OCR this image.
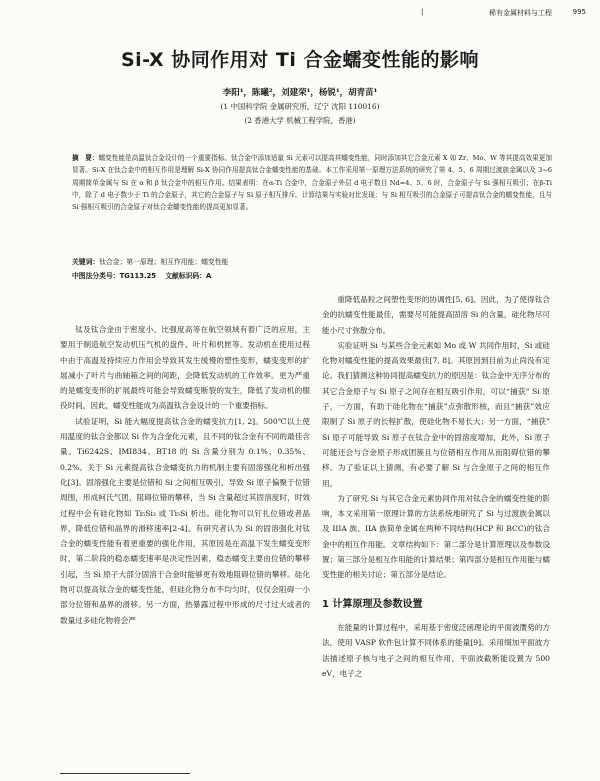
|	稀有金属材料与工程	995
Si-X 协同作用对 Ti 合金蠕变性能的影响
李阳¹，陈曦²，刘建荣¹，杨锐¹，胡青苗¹
(1 中国科学院 金属研究所，辽宁 沈阳 110016)
(2 香港大学 机械工程学院，香港)
摘　要：蠕变性能是高温钛合金设计的一个重要指标。钛合金中添加适量 Si 元素可以提高其蠕变性能，同时添加其它合金元素 X 如 Zr、Mo、W 等其提高效果更加显著。Si-X 在钛合金中的相互作用是理解 Si-X 协同作用提高钛合金蠕变性能的基础。本工作采用第一原理方法系统的研究了第 4、5、6 周期过渡族金属以及 3~6 周期简单金属与 Si 在 α 和 β 钛合金中的相互作用。结果表明：在α-Ti 合金中，合金原子外层 d 电子数目 Nd=4、5、6 时，合金原子与 Si 强相互吸引；在β-Ti 中，除了 d 电子数少于 Ti 的合金原子，其它的合金原子与 Si 原子相互排斥。计算结果与实验对比发现：与 Si 相互吸引的合金原子可提高钛合金的蠕变性能，且与 Si 强相互吸引的合金原子对钛合金蠕变性能的提高更加显著。
关键词：钛合金；第一原理；相互作用能；蠕变性能
中图法分类号：TG113.25　 文献标识码：A

钛及钛合金由于密度小、比强度高等在航空领域有着广泛的应用，主要用于制造航空发动机压气机的盘件、叶片和机匣等。发动机在使用过程中由于高温及持续应力作用会导致其发生缓慢的塑性变形，蠕变变形的扩展减小了叶片与曲轴箱之间的间距，会降低发动机的工作效率。更为严重的是蠕变变形的扩展最终可能会导致蠕变断裂的发生，降低了发动机的服役时间，因此，蠕变性能成为高温钛合金设计的一个重要指标。

试验证明，Si 能大幅度提高钛合金的蠕变抗力[1, 2]。500℃以上使用温度的钛合金都以 Si 作为合金化元素，且不同的钛合金有不同的最佳含量。Ti6242S、IMI834、BT18 的 Si 含量分别为 0.1%、0.35%、0.2%。关于 Si 元素提高钛合金蠕变抗力的机制主要有固溶强化和析出强化[3]。固溶强化主要是位错和 Si 之间相互吸引，导致 Si 原子偏聚于位错周围，形成柯氏气团，阻碍位错的攀移，当 Si 含量超过其固溶度时，时效过程中会有硅化物如 Ti₅Si₃ 或 Ti₅Si 析出。硅化物可以钉扎位错或者晶界，降低位错和晶界的滑移速率[2-4]。有研究者认为 Si 的固溶强化对钛合金的蠕变性能有着更重要的强化作用，其原因是在高温下发生蠕变变形时，第二阶段的稳态蠕变速率是决定性因素，稳态蠕变主要由位错的攀移引起，当 Si 原子大部分固溶于合金时能够更有效地阻碍位错的攀移。硅化物可以提高钛合金的蠕变性能，但硅化物分布不均匀时，仅仅会阻碍一小部分位错和晶界的滑移。另一方面，热暴露过程中形成的尺寸过大或者的数量过多硅化物将会严

重降低晶粒之间塑性变形的协调性[5, 6]。因此，为了使得钛合金的抗蠕变性能最佳，需要尽可能提高固溶 Si 的含量，硅化物尽可能小尺寸弥散分布。

实验证明 Si 与某些合金元素如 Mo 或 W 共同作用时，Si 或硅化物对蠕变性能的提高效果最佳[7, 8]。其原因到目前为止尚没有定论。我们猜测这种协同提高蠕变抗力的原因是：钛合金中无序分布的其它合金原子与 Si 原子之间存在相互吸引作用，可以“捕获” Si 原子，一方面，有助于硅化物在“捕获”点弥散形核，而且“捕获”效应限制了 Si 原子的长程扩散，使硅化物不易长大；另一方面，“捕获” Si 原子可能导致 Si 原子在钛合金中的固溶度增加，此外，Si 原子可能还会与合金原子形成团簇且与位错相互作用从而阻碍位错的攀移。为了验证以上猜测，有必要了解 Si 与合金原子之间的相互作用。

为了研究 Si 与其它合金元素协同作用对钛合金的蠕变性能的影响，本文采用第一原理计算的方法系统地研究了 Si 与过渡族金属以及 IIIA 族、IIA 族简单金属在两种不同结构(HCP 和 BCC)的钛合金中的相互作用能。文章结构如下：第二部分是计算原理以及参数设置；第三部分是相互作用能的计算结果；第四部分是相互作用能与蠕变性能的相关讨论；第五部分是结论。

1 计算原理及参数设置

在能量的计算过程中，采用基于密度泛函理论的平面波赝势的方法，使用 VASP 软件包计算不同体系的能量[9]。采用缀加平面波方法描述原子核与电子之间的相互作用，平面波截断能设置为 500 eV，电子之
